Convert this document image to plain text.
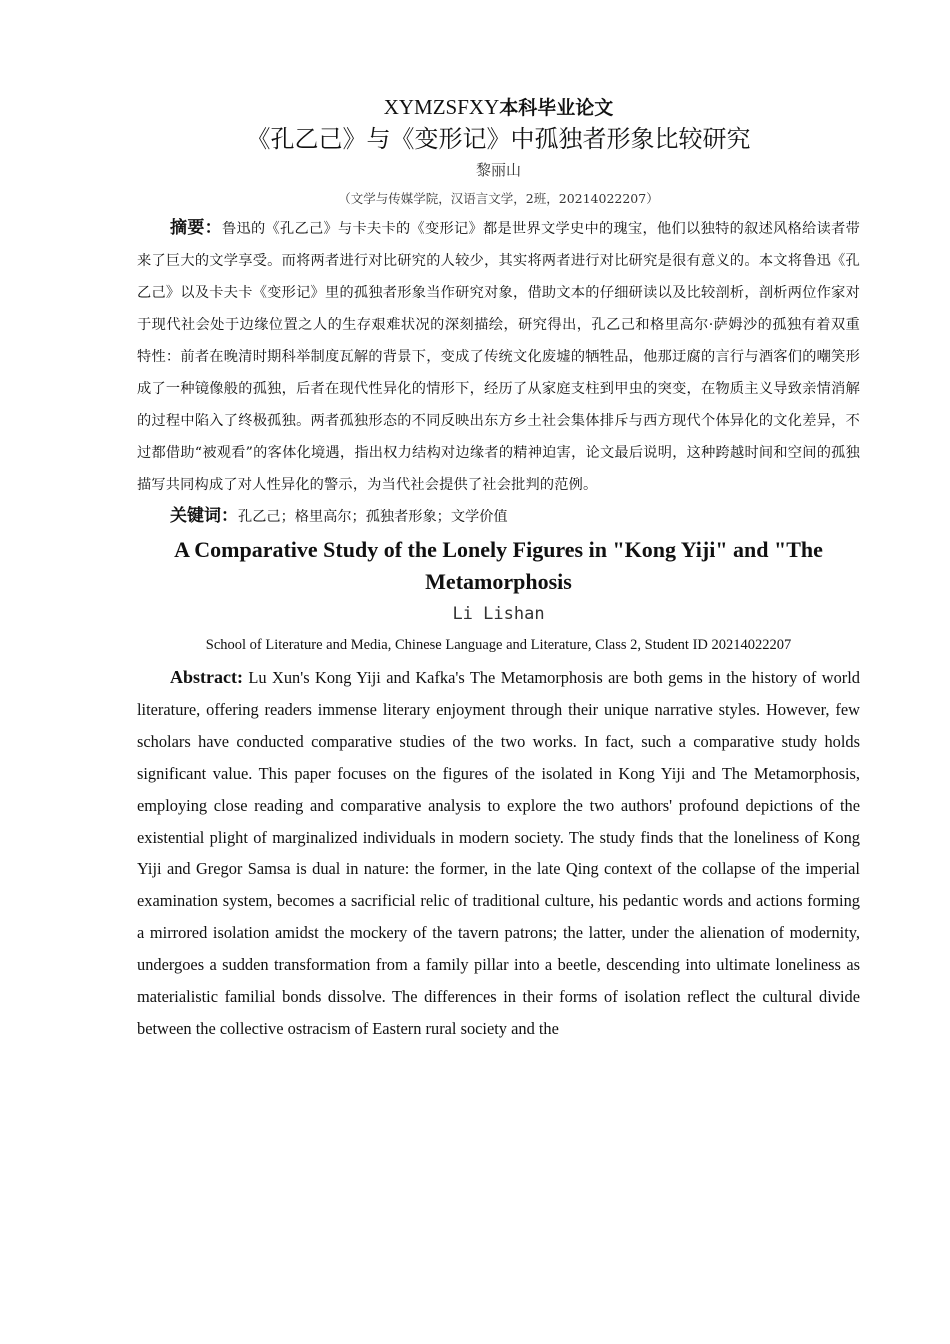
XYMZSFXY本科毕业论文
《孔乙己》与《变形记》中孤独者形象比较研究
黎丽山
（文学与传媒学院，汉语言文学，2班，20214022207）
摘要：鲁迅的《孔乙己》与卡夫卡的《变形记》都是世界文学史中的瑰宝，他们以独特的叙述风格给读者带来了巨大的文学享受。而将两者进行对比研究的人较少，其实将两者进行对比研究是很有意义的。本文将鲁迅《孔乙己》以及卡夫卡《变形记》里的孤独者形象当作研究对象，借助文本的仔细研读以及比较剖析，剖析两位作家对于现代社会处于边缘位置之人的生存艰难状况的深刻描绘，研究得出，孔乙己和格里高尔·萨姆沙的孤独有着双重特性：前者在晚清时期科举制度瓦解的背景下，变成了传统文化废墟的牺牲品，他那迂腐的言行与酒客们的嘲笑形成了一种镜像般的孤独，后者在现代性异化的情形下，经历了从家庭支柱到甲虫的突变，在物质主义导致亲情消解的过程中陷入了终极孤独。两者孤独形态的不同反映出东方乡土社会集体排斥与西方现代个体异化的文化差异，不过都借助“被观看”的客体化境遇，指出权力结构对边缘者的精神迫害，论文最后说明，这种跨越时间和空间的孤独描写共同构成了对人性异化的警示，为当代社会提供了社会批判的范例。
关键词：孔乙己；格里高尔；孤独者形象；文学价值
A Comparative Study of the Lonely Figures in "Kong Yiji" and "The Metamorphosis
Li Lishan
School of Literature and Media, Chinese Language and Literature, Class 2, Student ID 20214022207
Abstract: Lu Xun's Kong Yiji and Kafka's The Metamorphosis are both gems in the history of world literature, offering readers immense literary enjoyment through their unique narrative styles. However, few scholars have conducted comparative studies of the two works. In fact, such a comparative study holds significant value. This paper focuses on the figures of the isolated in Kong Yiji and The Metamorphosis, employing close reading and comparative analysis to explore the two authors' profound depictions of the existential plight of marginalized individuals in modern society. The study finds that the loneliness of Kong Yiji and Gregor Samsa is dual in nature: the former, in the late Qing context of the collapse of the imperial examination system, becomes a sacrificial relic of traditional culture, his pedantic words and actions forming a mirrored isolation amidst the mockery of the tavern patrons; the latter, under the alienation of modernity, undergoes a sudden transformation from a family pillar into a beetle, descending into ultimate loneliness as materialistic familial bonds dissolve. The differences in their forms of isolation reflect the cultural divide between the collective ostracism of Eastern rural society and the
